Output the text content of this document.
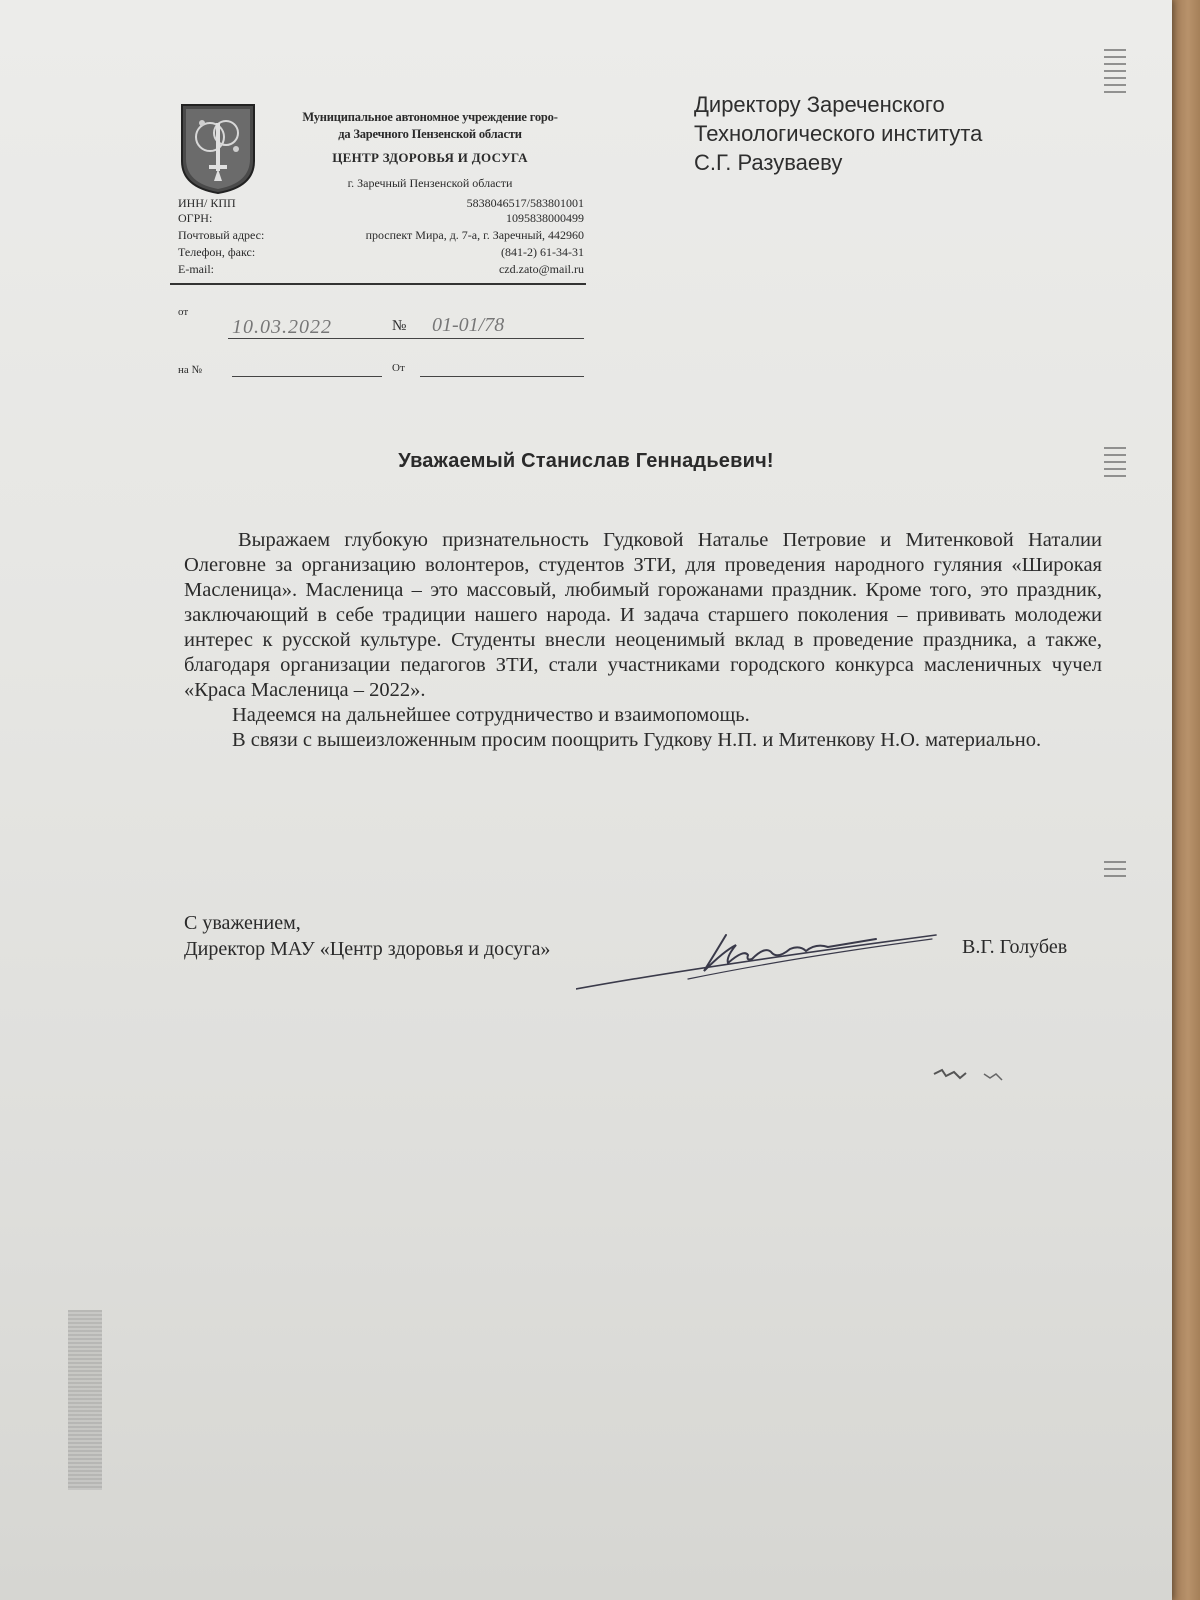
Муниципальное автономное учреждение горо-
да Заречного Пензенской области
ЦЕНТР ЗДОРОВЬЯ И ДОСУГА
г. Заречный Пензенской области
ИНН/ КПП	5838046517/583801001
ОГРН:	1095838000499
Почтовый адрес:	проспект Мира, д. 7-а, г. Заречный, 442960
Телефон, факс:	(841-2) 61-34-31
E-mail:	czd.zato@mail.ru
от
10.03.2022	№ 01-01/78
на №	От
Директору Зареченского
Технологического института
С.Г. Разуваеву
Уважаемый Станислав Геннадьевич!

Выражаем глубокую признательность Гудковой Наталье Петровие и Митенковой Наталии Олеговне за организацию волонтеров, студентов ЗТИ, для проведения народного гуляния «Широкая Масленица». Масленица – это массовый, любимый горожанами праздник. Кроме того, это праздник, заключающий в себе традиции нашего народа. И задача старшего поколения – прививать молодежи интерес к русской культуре. Студенты внесли неоценимый вклад в проведение праздника, а также, благодаря организации педагогов ЗТИ, стали участниками городского конкурса масленичных чучел «Краса Масленица – 2022».

Надеемся на дальнейшее сотрудничество и взаимопомощь.

В связи с вышеизложенным просим поощрить Гудкову Н.П. и Митенкову Н.О. материально.

С уважением,
Директор МАУ «Центр здоровья и досуга»	В.Г. Голубев
